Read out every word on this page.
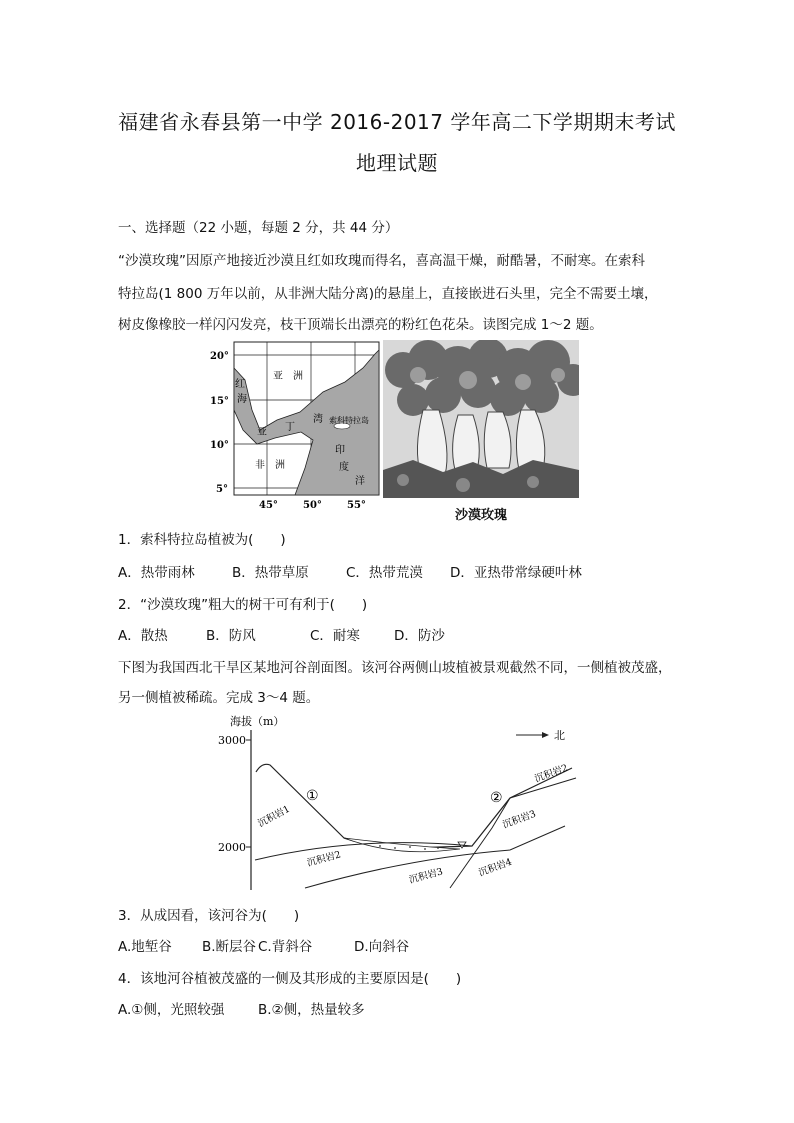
福建省永春县第一中学 2016-2017 学年高二下学期期末考试
地理试题
一、选择题（22 小题，每题 2 分，共 44 分）
“沙漠玫瑰”因原产地接近沙漠且红如玫瑰而得名，喜高温干燥，耐酷暑，不耐寒。在索科
特拉岛(1 800 万年以前，从非洲大陆分离)的悬崖上，直接嵌进石头里，完全不需要土壤，
树皮像橡胶一样闪闪发亮，枝干顶端长出漂亮的粉红色花朵。读图完成 1～2 题。
索科特拉岛
亚　洲
红
海
亚 丁
湾
非　洲
印
度
洋
20°
15°
10°
5°
45°	50°	55°
沙漠玫瑰
1．索科特拉岛植被为(　　)
A．热带雨林	B．热带草原	C．热带荒漠 D．亚热带常绿硬叶林
2．“沙漠玫瑰”粗大的树干可有利于(　　)
A．散热	B．防风	C．耐寒	D．防沙
下图为我国西北干旱区某地河谷剖面图。该河谷两侧山坡植被景观截然不同，一侧植被茂盛，
另一侧植被稀疏。完成 3～4 题。
海拔（m）
3000
2000
北
①	②
沉积岩1
沉积岩2
沉积岩3
沉积岩2
沉积岩3
沉积岩4
3．从成因看，该河谷为(　　)
A.地堑谷 B.断层谷 C.背斜谷	D.向斜谷
4．该地河谷植被茂盛的一侧及其形成的主要原因是(　　)
A.①侧，光照较强 B.②侧，热量较多
